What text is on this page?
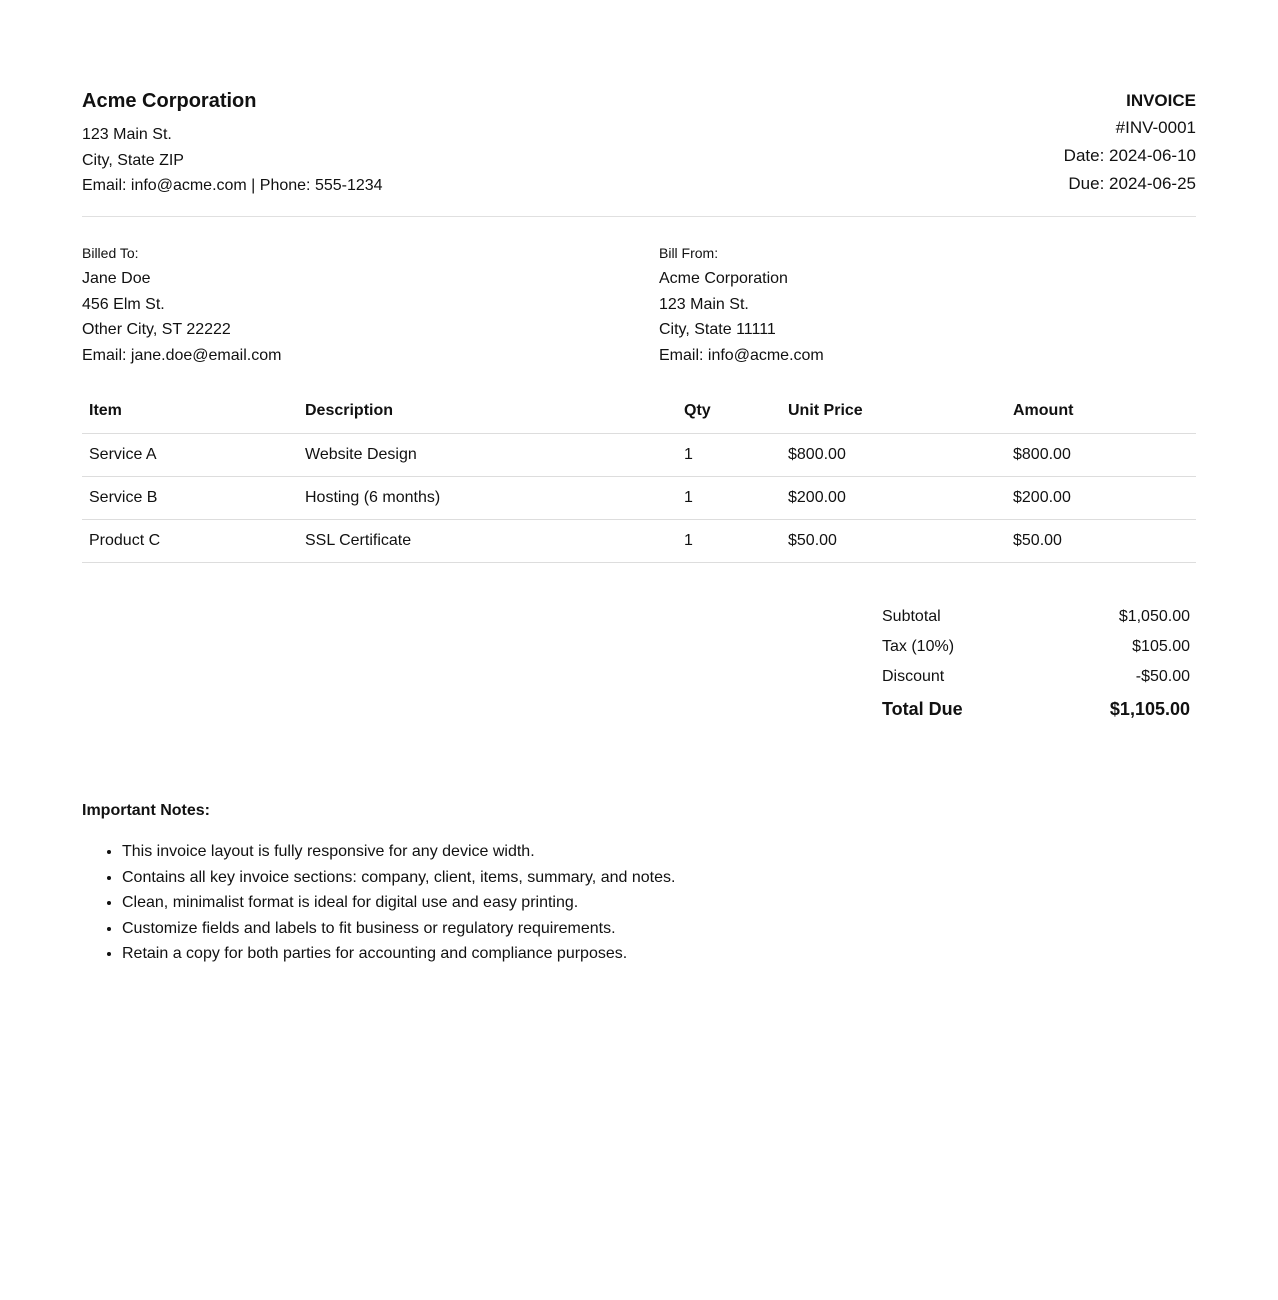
Acme Corporation
123 Main St.
City, State ZIP
Email: info@acme.com | Phone: 555-1234
INVOICE
#INV-0001
Date: 2024-06-10
Due: 2024-06-25
Billed To:
Jane Doe
456 Elm St.
Other City, ST 22222
Email: jane.doe@email.com
Bill From:
Acme Corporation
123 Main St.
City, State 11111
Email: info@acme.com
Item	Description	Qty	Unit Price	Amount
Service A	Website Design	1	$800.00	$800.00
Service B	Hosting (6 months)	1	$200.00	$200.00
Product C	SSL Certificate	1	$50.00	$50.00
Subtotal	$1,050.00
Tax (10%)	$105.00
Discount	-$50.00
Total Due	$1,105.00
Important Notes:
• This invoice layout is fully responsive for any device width.
• Contains all key invoice sections: company, client, items, summary, and notes.
• Clean, minimalist format is ideal for digital use and easy printing.
• Customize fields and labels to fit business or regulatory requirements.
• Retain a copy for both parties for accounting and compliance purposes.
